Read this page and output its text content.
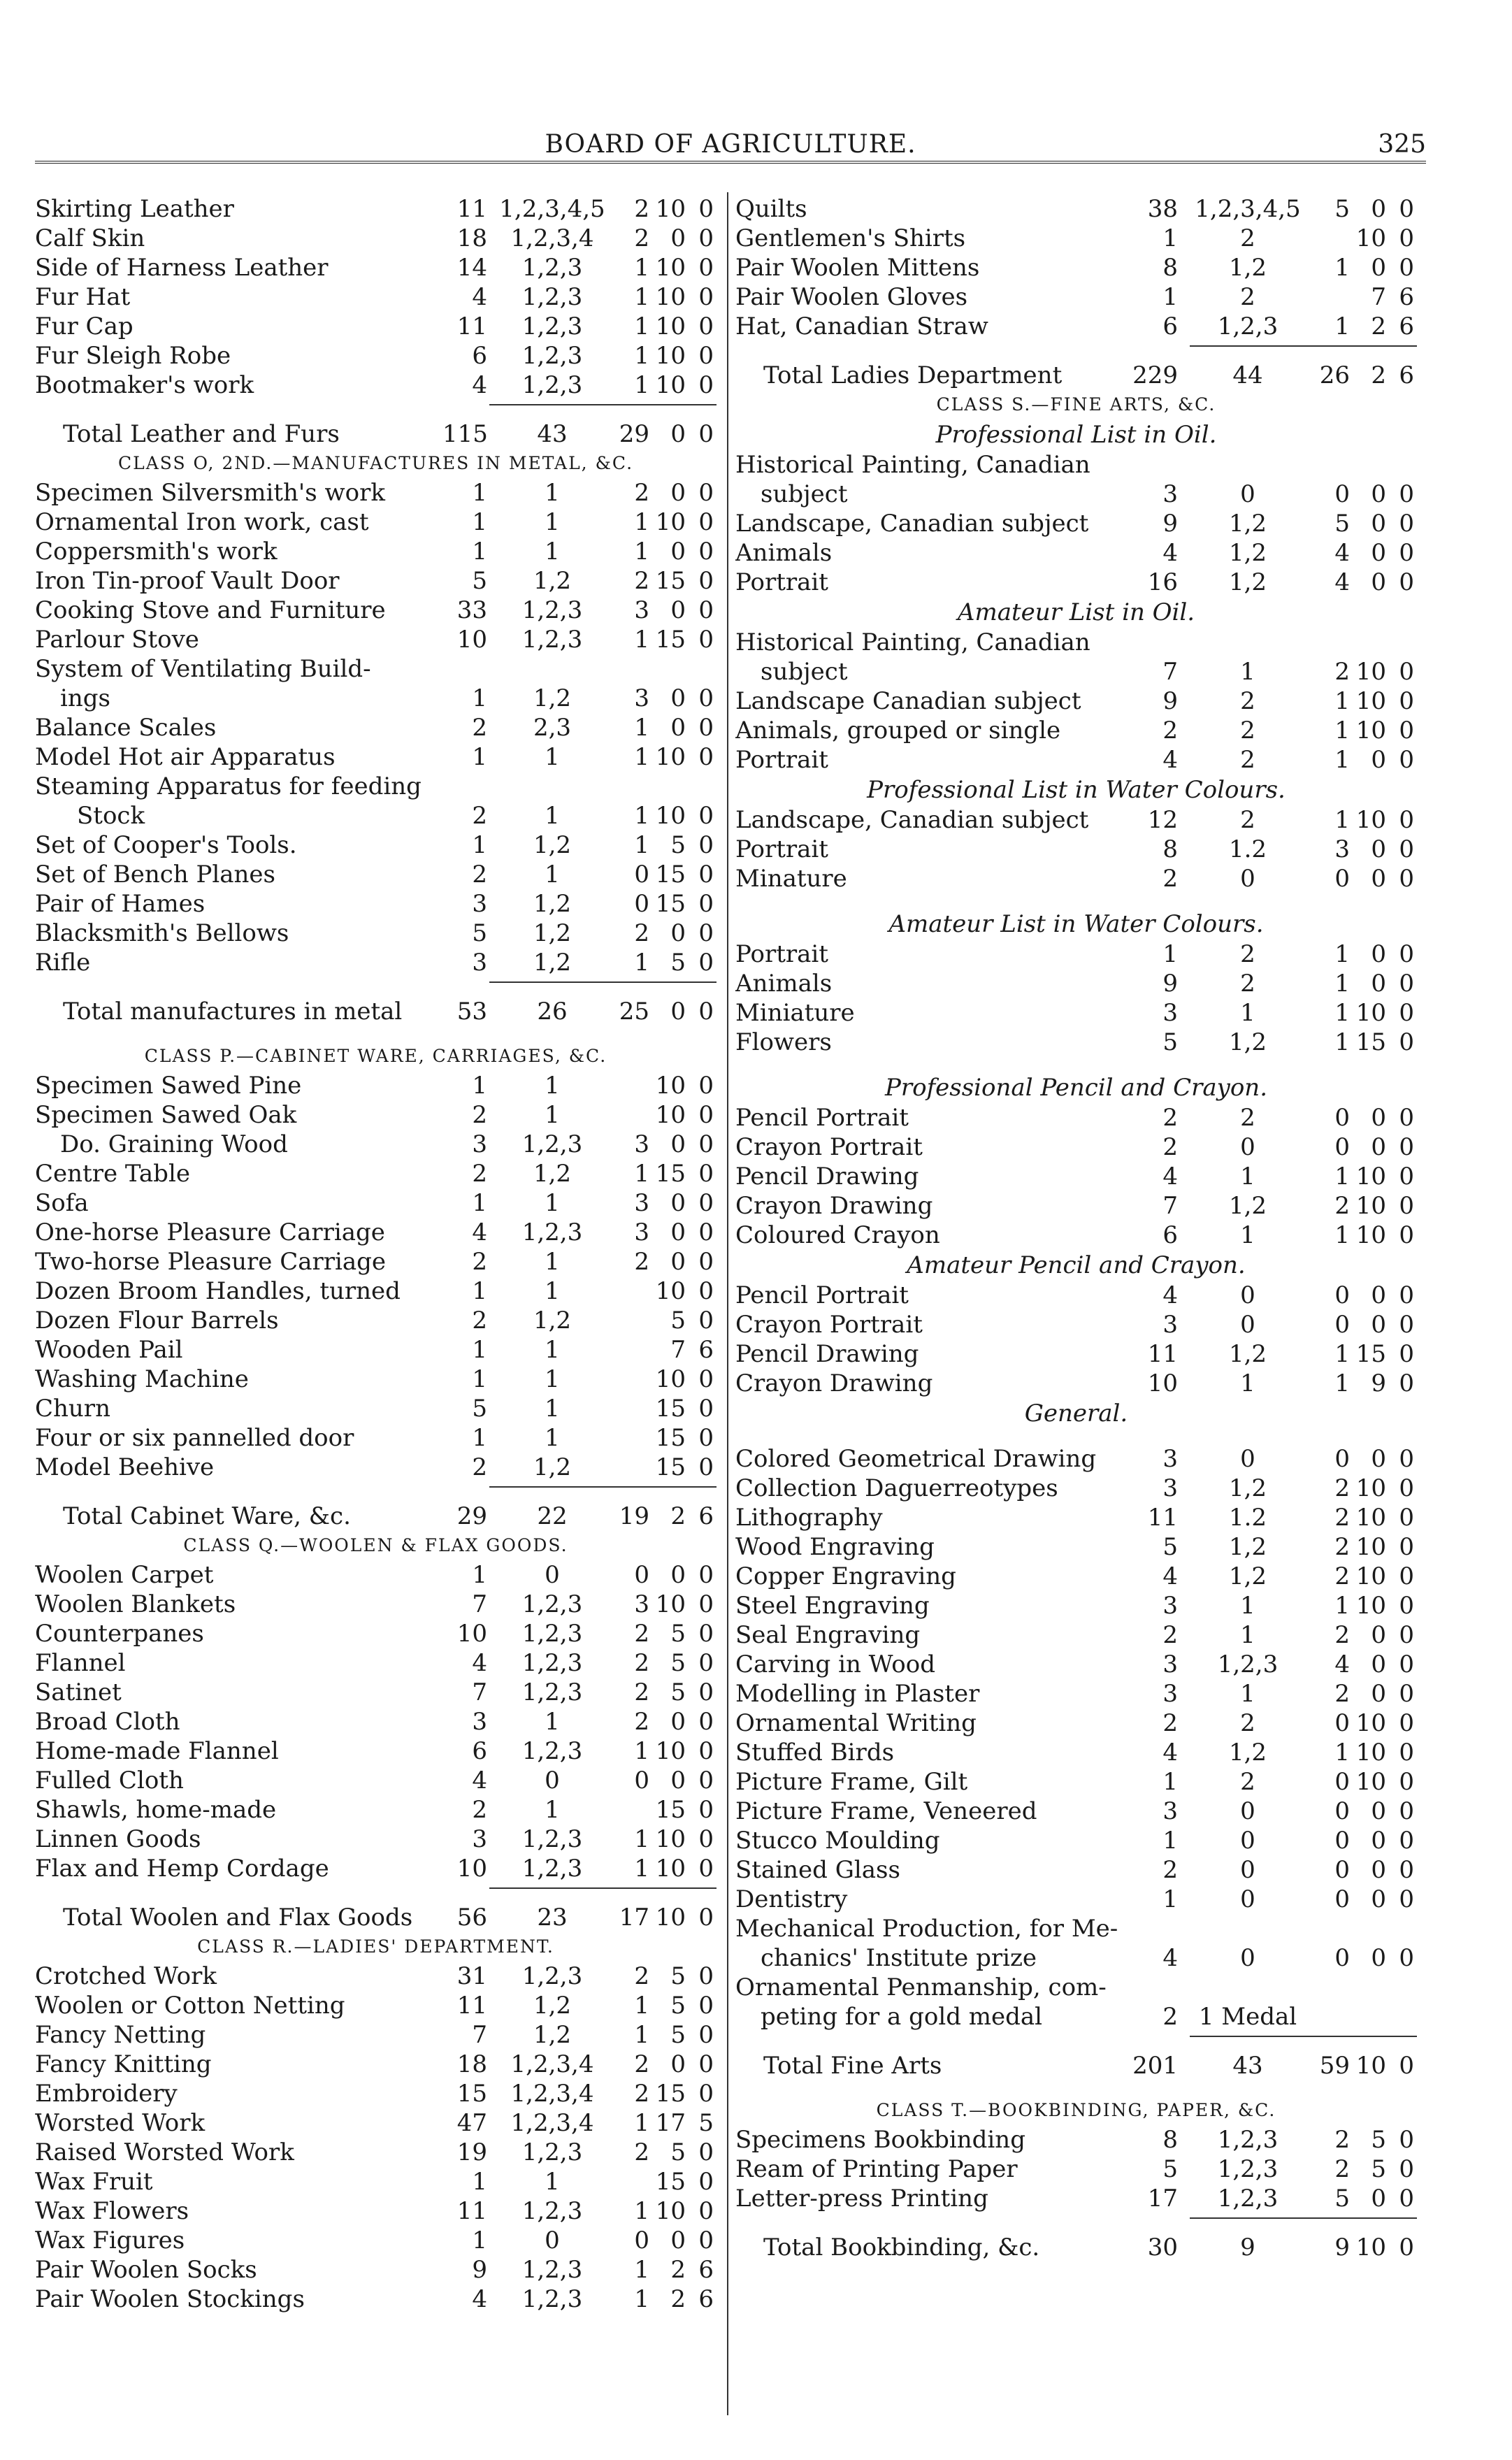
BOARD OF AGRICULTURE.	325
Skirting Leather	11 1,2,3,4,5	2 10 0
Calf Skin	18 1,2,3,4	2 0 0
Side of Harness Leather	14	1,2,3	1 10 0
Fur Hat	4	1,2,3	1 10 0
Fur Cap	11	1,2,3	1 10 0
Fur Sleigh Robe	6	1,2,3	1 10 0
Bootmaker's work	4	1,2,3	1 10 0
Total Leather and Furs	115	43	29 0 0
CLASS O, 2ND.—MANUFACTURES IN METAL, &C.
Specimen Silversmith's work	1	1	2 0 0
Ornamental Iron work, cast	1	1	1 10 0
Coppersmith's work	1	1	1 0 0
Iron Tin-proof Vault Door	5	1,2	2 15 0
Cooking Stove and Furniture	33	1,2,3	3 0 0
Parlour Stove	10	1,2,3	1 15 0
System of Ventilating Build-
ings	1	1,2	3 0 0
Balance Scales	2	2,3	1 0 0
Model Hot air Apparatus	1	1	1 10 0
Steaming Apparatus for feeding
Stock	2	1	1 10 0
Set of Cooper's Tools.	1	1,2	1 5 0
Set of Bench Planes	2	1	0 15 0
Pair of Hames	3	1,2	0 15 0
Blacksmith's Bellows	5	1,2	2 0 0
Rifle	3	1,2	1 5 0
Total manufactures in metal	53	26	25 0 0
CLASS P.—CABINET WARE, CARRIAGES, &C.
Specimen Sawed Pine	1	1	10 0
Specimen Sawed Oak	2	1	10 0
Do. Graining Wood	3	1,2,3	3 0 0
Centre Table	2	1,2	1 15 0
Sofa	1	1	3 0 0
One-horse Pleasure Carriage	4	1,2,3	3 0 0
Two-horse Pleasure Carriage	2	1	2 0 0
Dozen Broom Handles, turned	1	1	10 0
Dozen Flour Barrels	2	1,2	5 0
Wooden Pail	1	1	7 6
Washing Machine	1	1	10 0
Churn	5	1	15 0
Four or six pannelled door	1	1	15 0
Model Beehive	2	1,2	15 0
Total Cabinet Ware, &c.	29	22	19 2 6
CLASS Q.—WOOLEN & FLAX GOODS.
Woolen Carpet	1	0	0 0 0
Woolen Blankets	7	1,2,3	3 10 0
Counterpanes	10	1,2,3	2 5 0
Flannel	4	1,2,3	2 5 0
Satinet	7	1,2,3	2 5 0
Broad Cloth	3	1	2 0 0
Home-made Flannel	6	1,2,3	1 10 0
Fulled Cloth	4	0	0 0 0
Shawls, home-made	2	1	15 0
Linnen Goods	3	1,2,3	1 10 0
Flax and Hemp Cordage	10	1,2,3	1 10 0
Total Woolen and Flax Goods	56	23	17 10 0
CLASS R.—LADIES' DEPARTMENT.
Crotched Work	31	1,2,3	2 5 0
Woolen or Cotton Netting	11	1,2	1 5 0
Fancy Netting	7	1,2	1 5 0
Fancy Knitting	18 1,2,3,4	2 0 0
Embroidery	15 1,2,3,4	2 15 0
Worsted Work	47 1,2,3,4	1 17 5
Raised Worsted Work	19	1,2,3	2 5 0
Wax Fruit	1	1	15 0
Wax Flowers	11	1,2,3	1 10 0
Wax Figures	1	0	0 0 0
Pair Woolen Socks	9	1,2,3	1 2 6
Pair Woolen Stockings	4	1,2,3	1 2 6
Quilts	38 1,2,3,4,5	5 0 0
Gentlemen's Shirts	1	2	10 0
Pair Woolen Mittens	8	1,2	1 0 0
Pair Woolen Gloves	1	2	7 6
Hat, Canadian Straw	6	1,2,3	1 2 6
Total Ladies Department	229	44	26 2 6
CLASS S.—FINE ARTS, &C.
Professional List in Oil.
Historical Painting, Canadian
subject	3	0	0 0 0
Landscape, Canadian subject	9	1,2	5 0 0
Animals	4	1,2	4 0 0
Portrait	16	1,2	4 0 0
Amateur List in Oil.
Historical Painting, Canadian
subject	7	1	2 10 0
Landscape Canadian subject	9	2	1 10 0
Animals, grouped or single	2	2	1 10 0
Portrait	4	2	1 0 0
Professional List in Water Colours.
Landscape, Canadian subject	12	2	1 10 0
Portrait	8	1.2	3 0 0
Minature	2	0	0 0 0
Amateur List in Water Colours.
Portrait	1	2	1 0 0
Animals	9	2	1 0 0
Miniature	3	1	1 10 0
Flowers	5	1,2	1 15 0
Professional Pencil and Crayon.
Pencil Portrait	2	2	0 0 0
Crayon Portrait	2	0	0 0 0
Pencil Drawing	4	1	1 10 0
Crayon Drawing	7	1,2	2 10 0
Coloured Crayon	6	1	1 10 0
Amateur Pencil and Crayon.
Pencil Portrait	4	0	0 0 0
Crayon Portrait	3	0	0 0 0
Pencil Drawing	11	1,2	1 15 0
Crayon Drawing	10	1	1 9 0
General.
Colored Geometrical Drawing	3	0	0 0 0
Collection Daguerreotypes	3	1,2	2 10 0
Lithography	11	1.2	2 10 0
Wood Engraving	5	1,2	2 10 0
Copper Engraving	4	1,2	2 10 0
Steel Engraving	3	1	1 10 0
Seal Engraving	2	1	2 0 0
Carving in Wood	3	1,2,3	4 0 0
Modelling in Plaster	3	1	2 0 0
Ornamental Writing	2	2	0 10 0
Stuffed Birds	4	1,2	1 10 0
Picture Frame, Gilt	1	2	0 10 0
Picture Frame, Veneered	3	0	0 0 0
Stucco Moulding	1	0	0 0 0
Stained Glass	2	0	0 0 0
Dentistry	1	0	0 0 0
Mechanical Production, for Me-
chanics' Institute prize	4	0	0 0 0
Ornamental Penmanship, com-
peting for a gold medal	2 1 Medal
Total Fine Arts	201	43	59 10 0
CLASS T.—BOOKBINDING, PAPER, &C.
Specimens Bookbinding	8	1,2,3	2 5 0
Ream of Printing Paper	5	1,2,3	2 5 0
Letter-press Printing	17	1,2,3	5 0 0
Total Bookbinding, &c.	30	9	9 10 0
